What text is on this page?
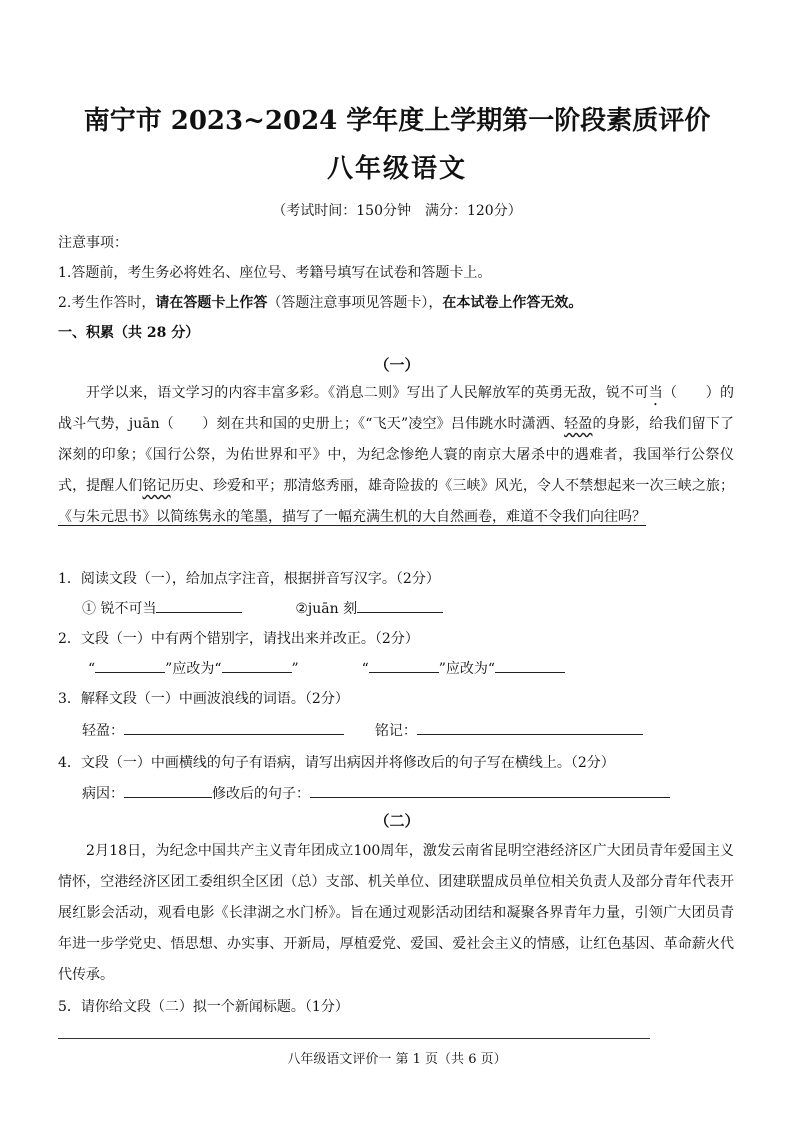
南宁市 2023~2024 学年度上学期第一阶段素质评价
八年级语文
（考试时间：150分钟　满分：120分）
注意事项：
1.答题前，考生务必将姓名、座位号、考籍号填写在试卷和答题卡上。
2.考生作答时，请在答题卡上作答（答题注意事项见答题卡），在本试卷上作答无效。
一、积累（共 28 分）
（一）
开学以来，语文学习的内容丰富多彩。《消息二则》写出了人民解放军的英勇无敌，锐不可当（　　）的战斗气势，juān（　　）刻在共和国的史册上；《“飞天”凌空》吕伟跳水时潇洒、轻盈的身影，给我们留下了深刻的印象；《国行公祭，为佑世界和平》中，为纪念惨绝人寰的南京大屠杀中的遇难者，我国举行公祭仪式，提醒人们铭记历史、珍爱和平；那清悠秀丽，雄奇险拔的《三峡》风光，令人不禁想起来一次三峡之旅；《与朱元思书》以简练隽永的笔墨，描写了一幅充满生机的大自然画卷，难道不令我们向往吗？
1．阅读文段（一），给加点字注音，根据拼音写汉字。（2分）
① 锐不可当	②juān 刻
2．文段（一）中有两个错别字，请找出来并改正。（2分）
“	”应改为“	”	“	”应改为“
3．解释文段（一）中画波浪线的词语。（2分）
轻盈：	铭记：
4．文段（一）中画横线的句子有语病，请写出病因并将修改后的句子写在横线上。（2分）
病因：	修改后的句子：
（二）
2月18日，为纪念中国共产主义青年团成立100周年，激发云南省昆明空港经济区广大团员青年爱国主义情怀，空港经济区团工委组织全区团（总）支部、机关单位、团建联盟成员单位相关负责人及部分青年代表开展红影会活动，观看电影《长津湖之水门桥》。旨在通过观影活动团结和凝聚各界青年力量，引领广大团员青年进一步学党史、悟思想、办实事、开新局，厚植爱党、爱国、爱社会主义的情感，让红色基因、革命薪火代代传承。
5．请你给文段（二）拟一个新闻标题。（1分）
八年级语文评价一 第 1 页（共 6 页）
